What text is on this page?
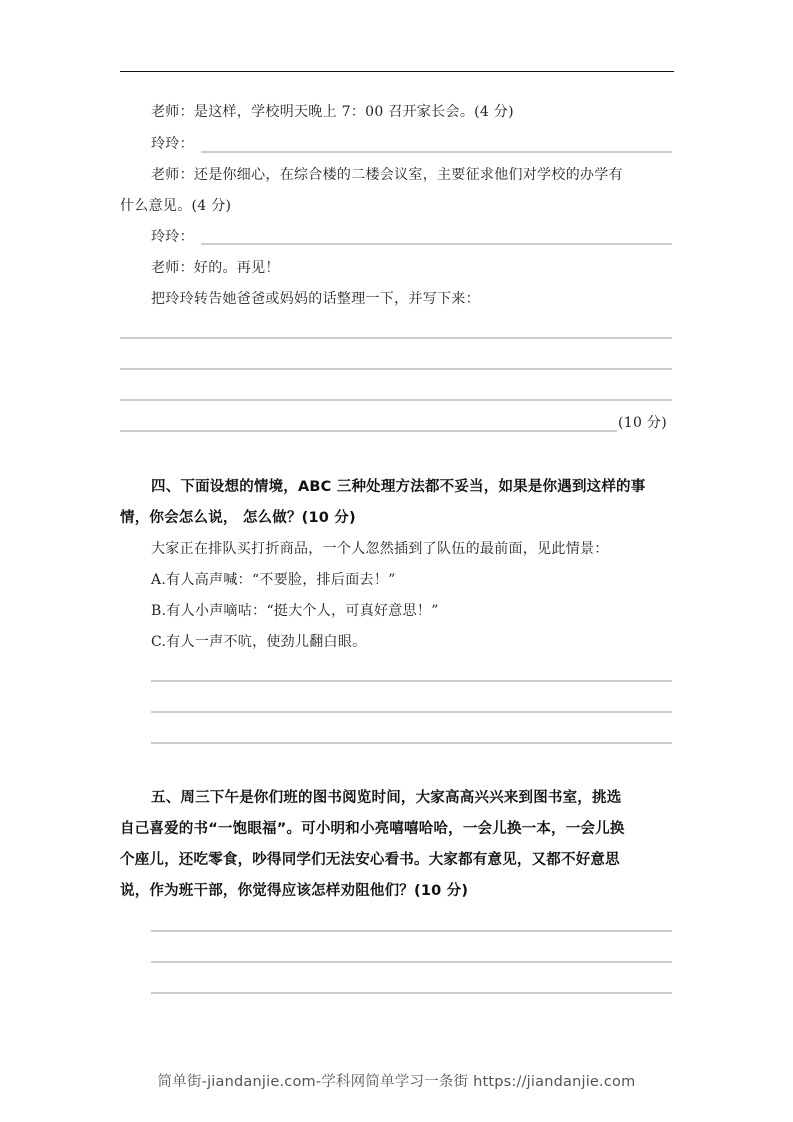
老师：是这样，学校明天晚上 7：00 召开家长会。(4 分)
玲玲：
老师：还是你细心，在综合楼的二楼会议室，主要征求他们对学校的办学有
什么意见。(4 分)
玲玲：
老师：好的。再见！
把玲玲转告她爸爸或妈妈的话整理一下，并写下来：
(10 分)
四、下面设想的情境，ABC 三种处理方法都不妥当，如果是你遇到这样的事
情，你会怎么说， 怎么做？(10 分)
大家正在排队买打折商品，一个人忽然插到了队伍的最前面，见此情景：
A.有人高声喊：“不要脸，排后面去！”
B.有人小声嘀咕：“挺大个人，可真好意思！”
C.有人一声不吭，使劲儿翻白眼。
五、周三下午是你们班的图书阅览时间，大家高高兴兴来到图书室，挑选
自己喜爱的书“一饱眼福”。可小明和小亮嘻嘻哈哈，一会儿换一本，一会儿换
个座儿，还吃零食，吵得同学们无法安心看书。大家都有意见，又都不好意思
说，作为班干部，你觉得应该怎样劝阻他们？(10 分)
简单街-jiandanjie.com-学科网简单学习一条街 https://jiandanjie.com
